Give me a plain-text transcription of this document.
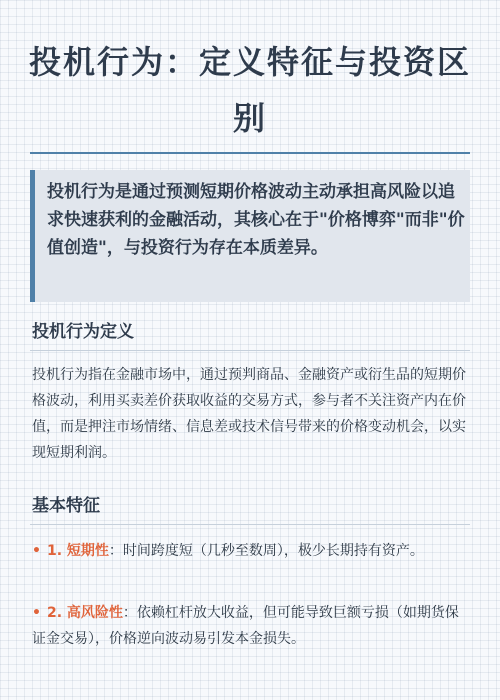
投机行为：定义特征与投资区别
投机行为是通过预测短期价格波动主动承担高风险以追求快速获利的金融活动，其核心在于"价格博弈"而非"价值创造"，与投资行为存在本质差异。
投机行为定义
投机行为指在金融市场中，通过预判商品、金融资产或衍生品的短期价格波动，利用买卖差价获取收益的交易方式，参与者不关注资产内在价值，而是押注市场情绪、信息差或技术信号带来的价格变动机会，以实现短期利润。
基本特征
• 1. 短期性：时间跨度短（几秒至数周），极少长期持有资产。
• 2. 高风险性：依赖杠杆放大收益，但可能导致巨额亏损（如期货保证金交易），价格逆向波动易引发本金损失。
